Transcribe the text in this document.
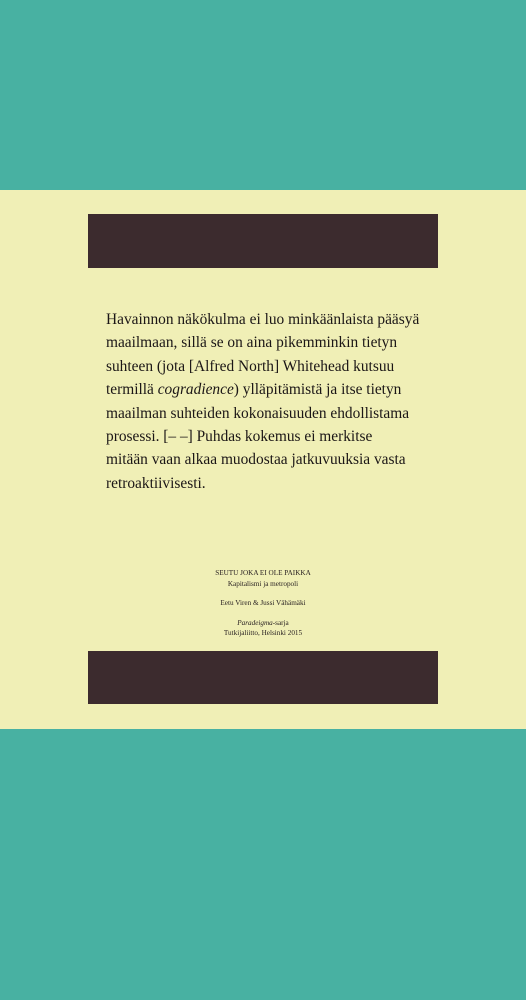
Havainnon näkökulma ei luo minkäänlaista pääsyä
maailmaan, sillä se on aina pikemminkin tietyn
suhteen (jota [Alfred North] Whitehead kutsuu
termillä cogradience) ylläpitämistä ja itse tietyn
maailman suhteiden kokonaisuuden ehdollistama
prosessi. [– –] Puhdas kokemus ei merkitse
mitään vaan alkaa muodostaa jatkuvuuksia vasta
retroaktiivisesti.

SEUTU JOKA EI OLE PAIKKA
Kapitalismi ja metropoli
Eetu Viren & Jussi Vähämäki
Paradeigma-sarja
Tutkijaliitto, Helsinki 2015
